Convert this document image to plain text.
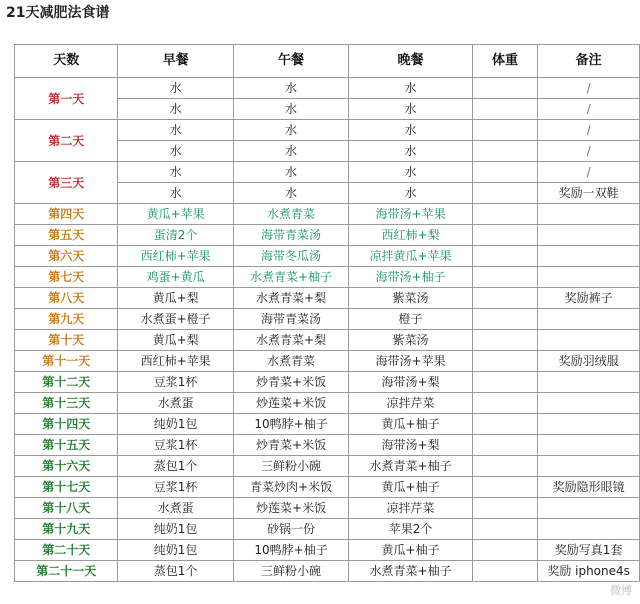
21天减肥法食谱
天数	早餐	午餐	晚餐	体重	备注
第一天	水	水	水		/
	水	水	水		/
第二天	水	水	水		/
	水	水	水		/
第三天	水	水	水		/
	水	水	水		奖励一双鞋
第四天	黄瓜+苹果	水煮青菜	海带汤+苹果		
第五天	蛋清2个	海带青菜汤	西红柿+梨		
第六天	西红柿+苹果	海带冬瓜汤	凉拌黄瓜+苹果		
第七天	鸡蛋+黄瓜	水煮青菜+柚子	海带汤+柚子		
第八天	黄瓜+梨	水煮青菜+梨	紫菜汤		奖励裤子
第九天	水煮蛋+橙子	海带青菜汤	橙子		
第十天	黄瓜+梨	水煮青菜+梨	紫菜汤		
第十一天	西红柿+苹果	水煮青菜	海带汤+苹果		奖励羽绒服
第十二天	豆浆1杯	炒青菜+米饭	海带汤+梨		
第十三天	水煮蛋	炒莲菜+米饭	凉拌芹菜		
第十四天	纯奶1包	10鸭脖+柚子	黄瓜+柚子		
第十五天	豆浆1杯	炒青菜+米饭	海带汤+梨		
第十六天	蒸包1个	三鲜粉小碗	水煮青菜+柚子		
第十七天	豆浆1杯	青菜炒肉+米饭	黄瓜+柚子		奖励隐形眼镜
第十八天	水煮蛋	炒莲菜+米饭	凉拌芹菜		
第十九天	纯奶1包	砂锅一份	苹果2个		
第二十天	纯奶1包	10鸭脖+柚子	黄瓜+柚子		奖励写真1套
第二十一天	蒸包1个	三鲜粉小碗	水煮青菜+柚子		奖励 iphone4s
微博
